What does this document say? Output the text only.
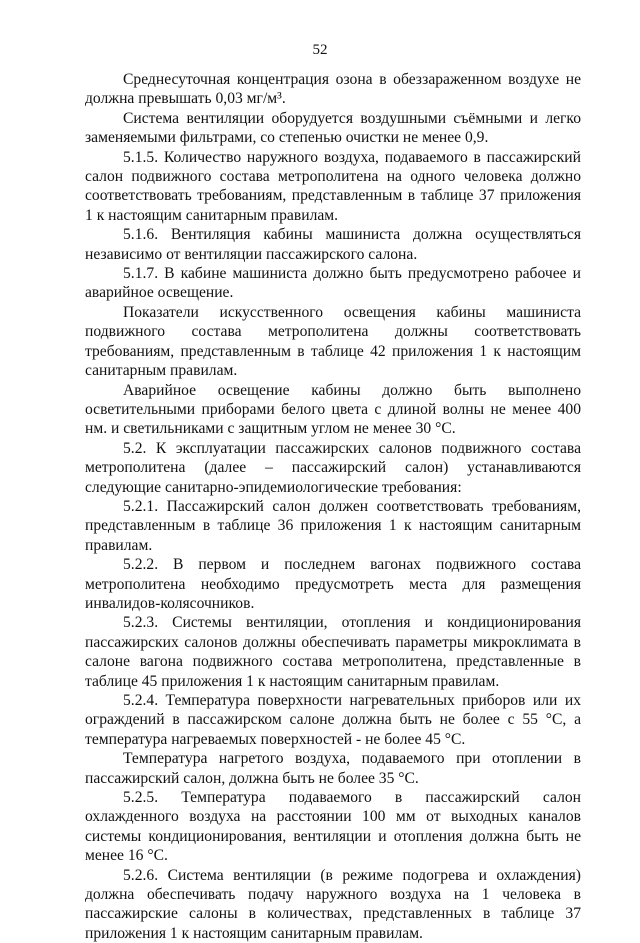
52

Среднесуточная концентрация озона в обеззараженном воздухе не должна превышать 0,03 мг/м³.

Система вентиляции оборудуется воздушными съёмными и легко заменяемыми фильтрами, со степенью очистки не менее 0,9.

5.1.5. Количество наружного воздуха, подаваемого в пассажирский салон подвижного состава метрополитена на одного человека должно соответствовать требованиям, представленным в таблице 37 приложения 1 к настоящим санитарным правилам.

5.1.6. Вентиляция кабины машиниста должна осуществляться независимо от вентиляции пассажирского салона.

5.1.7. В кабине машиниста должно быть предусмотрено рабочее и аварийное освещение.

Показатели искусственного освещения кабины машиниста подвижного состава метрополитена должны соответствовать требованиям, представленным в таблице 42 приложения 1 к настоящим санитарным правилам.

Аварийное освещение кабины должно быть выполнено осветительными приборами белого цвета с длиной волны не менее 400 нм. и светильниками с защитным углом не менее 30 °С.

5.2. К эксплуатации пассажирских салонов подвижного состава метрополитена (далее – пассажирский салон) устанавливаются следующие санитарно-эпидемиологические требования:

5.2.1. Пассажирский салон должен соответствовать требованиям, представленным в таблице 36 приложения 1 к настоящим санитарным правилам.

5.2.2. В первом и последнем вагонах подвижного состава метрополитена необходимо предусмотреть места для размещения инвалидов-колясочников.

5.2.3. Системы вентиляции, отопления и кондиционирования пассажирских салонов должны обеспечивать параметры микроклимата в салоне вагона подвижного состава метрополитена, представленные в таблице 45 приложения 1 к настоящим санитарным правилам.

5.2.4. Температура поверхности нагревательных приборов или их ограждений в пассажирском салоне должна быть не более с 55 °С, а температура нагреваемых поверхностей - не более 45 °С.

Температура нагретого воздуха, подаваемого при отоплении в пассажирский салон, должна быть не более 35 °С.

5.2.5. Температура подаваемого в пассажирский салон охлажденного воздуха на расстоянии 100 мм от выходных каналов системы кондиционирования, вентиляции и отопления должна быть не менее 16 °С.

5.2.6. Система вентиляции (в режиме подогрева и охлаждения) должна обеспечивать подачу наружного воздуха на 1 человека в пассажирские салоны в количествах, представленных в таблице 37 приложения 1 к настоящим санитарным правилам.
